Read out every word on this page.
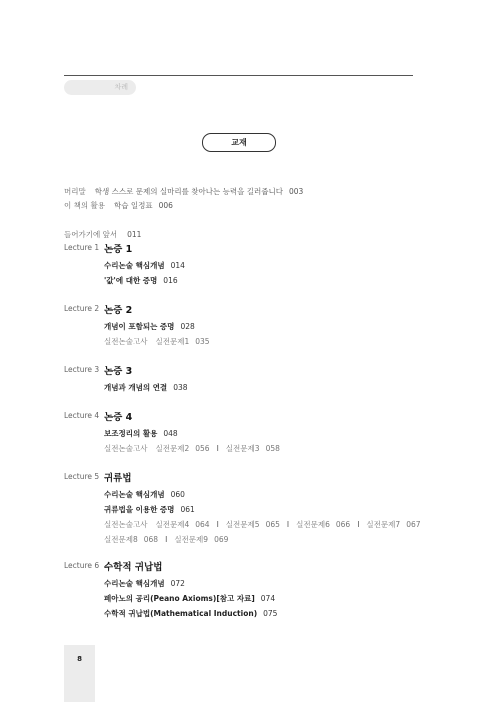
차례
교재
머리말 학생 스스로 문제의 실마리를 찾아나는 능력을 길러줍니다 003
이 책의 활용 학습 일정표 006
들어가기에 앞서 011
Lecture 1 논증 1
수리논술 핵심개념 014
'값'에 대한 증명 016
Lecture 2 논증 2
개념이 포함되는 증명 028
실전논술고사 실전문제1 035
Lecture 3 논증 3
개념과 개념의 연결 038
Lecture 4 논증 4
보조정리의 활용 048
실전논술고사 실전문제2 056 I 실전문제3 058
Lecture 5 귀류법
수리논술 핵심개념 060
귀류법을 이용한 증명 061
실전논술고사 실전문제4 064 I 실전문제5 065 I 실전문제6 066 I 실전문제7 067
실전문제8 068 I 실전문제9 069
Lecture 6 수학적 귀납법
수리논술 핵심개념 072
페아노의 공리(Peano Axioms)[참고 자료] 074
수학적 귀납법(Mathematical Induction) 075
8
